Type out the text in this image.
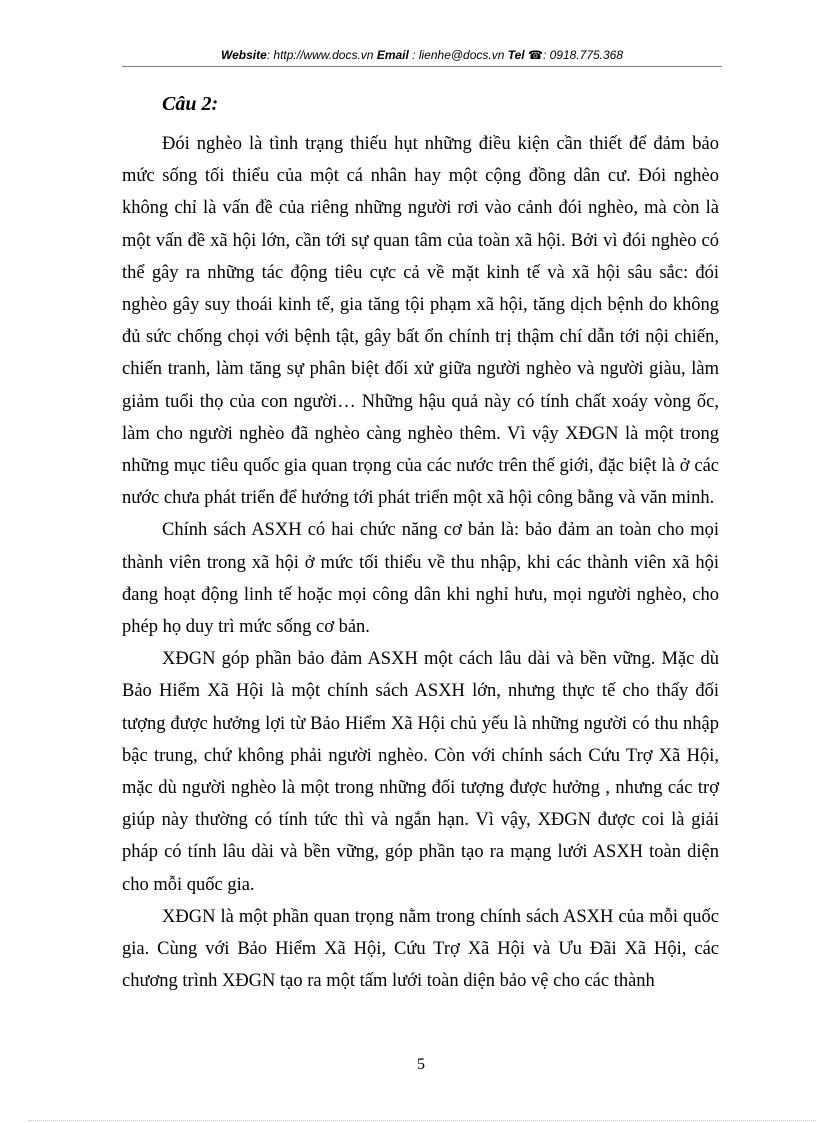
Website: http://www.docs.vn Email : lienhe@docs.vn Tel ☎: 0918.775.368
Câu 2:

Đói nghèo là tình trạng thiếu hụt những điều kiện cần thiết để đảm bảo mức sống tối thiểu của một cá nhân hay một cộng đồng dân cư. Đói nghèo không chỉ là vấn đề của riêng những người rơi vào cảnh đói nghèo, mà còn là một vấn đề xã hội lớn, cần tới sự quan tâm của toàn xã hội. Bởi vì đói nghèo có thể gây ra những tác động tiêu cực cả về mặt kinh tế và xã hội sâu sắc: đói nghèo gây suy thoái kinh tế, gia tăng tội phạm xã hội, tăng dịch bệnh do không đủ sức chống chọi với bệnh tật, gây bất ổn chính trị thậm chí dẫn tới nội chiến, chiến tranh, làm tăng sự phân biệt đối xử giữa người nghèo và người giàu, làm giảm tuổi thọ của con người… Những hậu quả này có tính chất xoáy vòng ốc, làm cho người nghèo đã nghèo càng nghèo thêm. Vì vậy XĐGN là một trong những mục tiêu quốc gia quan trọng của các nước trên thế giới, đặc biệt là ở các nước chưa phát triển để hướng tới phát triển một xã hội công bằng và văn minh.

Chính sách ASXH có hai chức năng cơ bản là: bảo đảm an toàn cho mọi thành viên trong xã hội ở mức tối thiểu về thu nhập, khi các thành viên xã hội đang hoạt động linh tế hoặc mọi công dân khi nghỉ hưu, mọi người nghèo, cho phép họ duy trì mức sống cơ bản.

XĐGN góp phần bảo đảm ASXH một cách lâu dài và bền vững. Mặc dù Bảo Hiểm Xã Hội là một chính sách ASXH lớn, nhưng thực tế cho thấy đối tượng được hưởng lợi từ Bảo Hiểm Xã Hội chủ yếu là những người có thu nhập bậc trung, chứ không phải người nghèo. Còn với chính sách Cứu Trợ Xã Hội, mặc dù người nghèo là một trong những đối tượng được hưởng , nhưng các trợ giúp này thường có tính tức thì và ngắn hạn. Vì vậy, XĐGN được coi là giải pháp có tính lâu dài và bền vững, góp phần tạo ra mạng lưới ASXH toàn diện cho mỗi quốc gia.

XĐGN là một phần quan trọng nằm trong chính sách ASXH của mỗi quốc gia. Cùng với Bảo Hiểm Xã Hội, Cứu Trợ Xã Hội và Ưu Đãi Xã Hội, các chương trình XĐGN tạo ra một tấm lưới toàn diện bảo vệ cho các thành

5
